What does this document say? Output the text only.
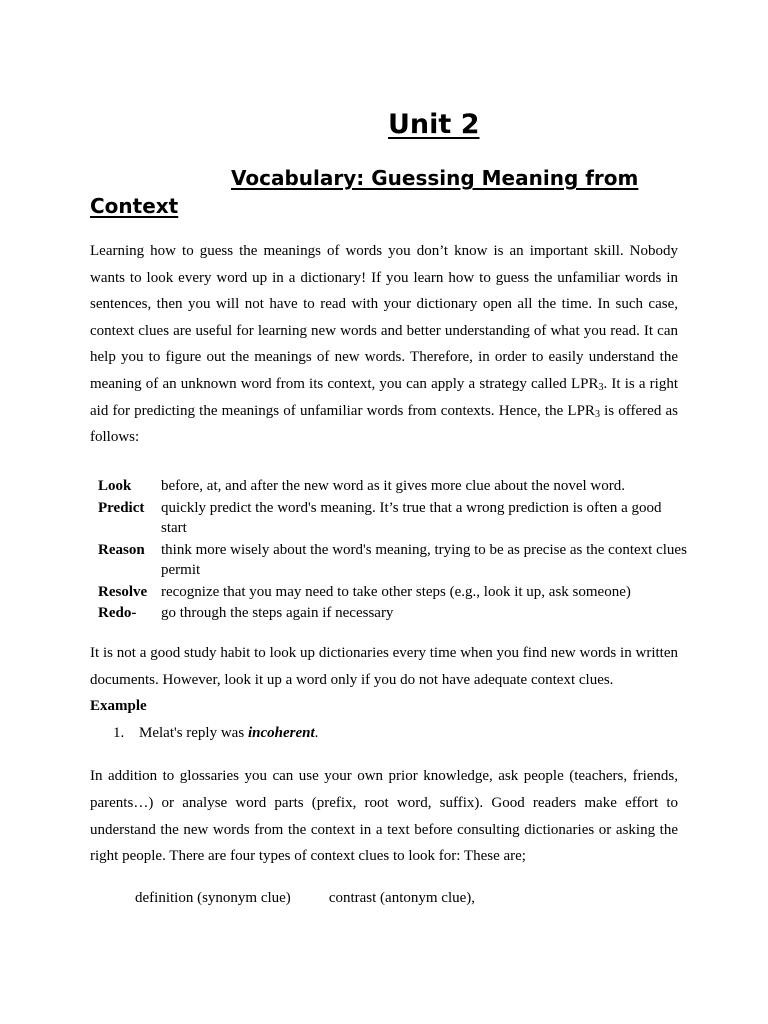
Unit 2
Vocabulary: Guessing Meaning from Context

Learning how to guess the meanings of words you don’t know is an important skill. Nobody wants to look every word up in a dictionary! If you learn how to guess the unfamiliar words in sentences, then you will not have to read with your dictionary open all the time. In such case, context clues are useful for learning new words and better understanding of what you read. It can help you to figure out the meanings of new words. Therefore, in order to easily understand the meaning of an unknown word from its context, you can apply a strategy called $LPR_3$. It is a right aid for predicting the meanings of unfamiliar words from contexts. Hence, the $LPR_3$ is offered as follows:

Look	before, at, and after the new word as it gives more clue about the novel word.
Predict	quickly predict the word's meaning. It’s true that a wrong prediction is often a good start
Reason	think more wisely about the word's meaning, trying to be as precise as the context clues permit
Resolve recognize that you may need to take other steps (e.g., look it up, ask someone)
Redo-	go through the steps again if necessary

It is not a good study habit to look up dictionaries every time when you find new words in written documents. However, look it up a word only if you do not have adequate context clues.

Example

1. Melat's reply was incoherent.

In addition to glossaries you can use your own prior knowledge, ask people (teachers, friends, parents…) or analyse word parts (prefix, root word, suffix). Good readers make effort to understand the new words from the context in a text before consulting dictionaries or asking the right people. There are four types of context clues to look for: These are;

definition (synonym clue)	contrast (antonym clue),
